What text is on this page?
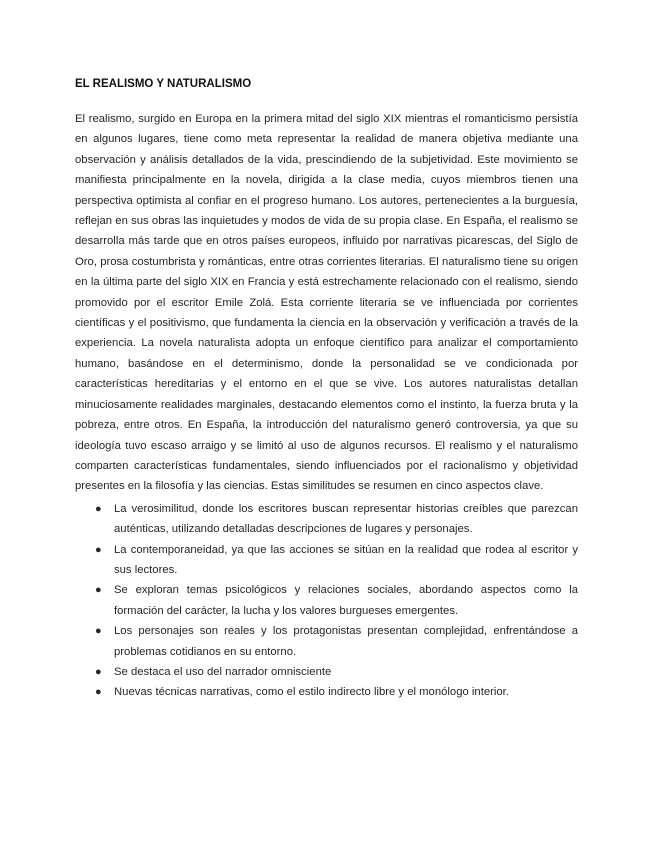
EL REALISMO Y NATURALISMO

El realismo, surgido en Europa en la primera mitad del siglo XIX mientras el romanticismo persistía en algunos lugares, tiene como meta representar la realidad de manera objetiva mediante una observación y análisis detallados de la vida, prescindiendo de la subjetividad. Este movimiento se manifiesta principalmente en la novela, dirigida a la clase media, cuyos miembros tienen una perspectiva optimista al confiar en el progreso humano. Los autores, pertenecientes a la burguesía, reflejan en sus obras las inquietudes y modos de vida de su propia clase. En España, el realismo se desarrolla más tarde que en otros países europeos, influido por narrativas picarescas, del Siglo de Oro, prosa costumbrista y románticas, entre otras corrientes literarias. El naturalismo tiene su origen en la última parte del siglo XIX en Francia y está estrechamente relacionado con el realismo, siendo promovido por el escritor Emile Zolá. Esta corriente literaria se ve influenciada por corrientes científicas y el positivismo, que fundamenta la ciencia en la observación y verificación a través de la experiencia. La novela naturalista adopta un enfoque científico para analizar el comportamiento humano, basándose en el determinismo, donde la personalidad se ve condicionada por características hereditarias y el entorno en el que se vive. Los autores naturalistas detallan minuciosamente realidades marginales, destacando elementos como el instinto, la fuerza bruta y la pobreza, entre otros. En España, la introducción del naturalismo generó controversia, ya que su ideología tuvo escaso arraigo y se limitó al uso de algunos recursos. El realismo y el naturalismo comparten características fundamentales, siendo influenciados por el racionalismo y objetividad presentes en la filosofía y las ciencias. Estas similitudes se resumen en cinco aspectos clave.

● La verosimilitud, donde los escritores buscan representar historias creíbles que parezcan auténticas, utilizando detalladas descripciones de lugares y personajes.
● La contemporaneidad, ya que las acciones se sitúan en la realidad que rodea al escritor y sus lectores.
● Se exploran temas psicológicos y relaciones sociales, abordando aspectos como la formación del carácter, la lucha y los valores burgueses emergentes.
● Los personajes son reales y los protagonistas presentan complejidad, enfrentándose a problemas cotidianos en su entorno.
● Se destaca el uso del narrador omnisciente
● Nuevas técnicas narrativas, como el estilo indirecto libre y el monólogo interior.
